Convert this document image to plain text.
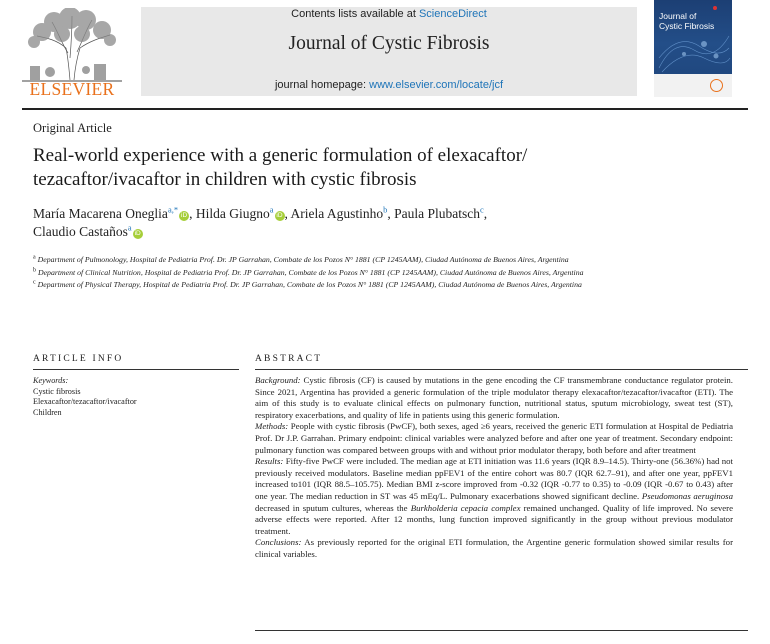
ELSEVIER
Contents lists available at ScienceDirect
Journal of Cystic Fibrosis
journal homepage: www.elsevier.com/locate/jcf
Journal of Cystic Fibrosis
Original Article
Real-world experience with a generic formulation of elexacaftor/ tezacaftor/ivacaftor in children with cystic fibrosis
María Macarena Oneglia$^{a,*}$iD , Hilda Giugno$^a$iD , Ariela Agustinho$^b$, Paula Plubatsch$^c$,
Claudio Castaños$^a$iD
$^a$ Department of Pulmonology, Hospital de Pediatria Prof. Dr. JP Garrahan, Combate de los Pozos N° 1881 (CP 1245AAM), Ciudad Autónoma de Buenos Aires, Argentina
$^b$ Department of Clinical Nutrition, Hospital de Pediatria Prof. Dr. JP Garrahan, Combate de los Pozos N° 1881 (CP 1245AAM), Ciudad Autónoma de Buenos Aires, Argentina
$^c$ Department of Physical Therapy, Hospital de Pediatria Prof. Dr. JP Garrahan, Combate de los Pozos N° 1881 (CP 1245AAM), Ciudad Autónoma de Buenos Aires, Argentina
ARTICLE INFO
Keywords:
Cystic fibrosis
Elexacaftor/tezacaftor/ivacaftor
Children
ABSTRACT

Background: Cystic fibrosis (CF) is caused by mutations in the gene encoding the CF transmembrane conductance regulator protein. Since 2021, Argentina has provided a generic formulation of the triple modulator therapy elexacaftor/tezacaftor/ivacaftor (ETI). The aim of this study is to evaluate clinical effects on pulmonary function, nutritional status, sputum microbiology, sweat test (ST), respiratory exacerbations, and quality of life in patients using this generic formulation.

Methods: People with cystic fibrosis (PwCF), both sexes, aged ≥6 years, received the generic ETI formulation at Hospital de Pediatria Prof. Dr J.P. Garrahan. Primary endpoint: clinical variables were analyzed before and after one year of treatment. Secondary endpoint: pulmonary function was compared between groups with and without prior modulator therapy, both before and after treatment

Results: Fifty-five PwCF were included. The median age at ETI initiation was 11.6 years (IQR 8.9–14.5). Thirty-one (56.36%) had not previously received modulators. Baseline median ppFEV1 of the entire cohort was 80.7 (IQR 62.7–91), and after one year, ppFEV1 increased to101 (IQR 88.5–105.75). Median BMI z-score improved from -0.32 (IQR -0.77 to 0.35) to -0.09 (IQR -0.67 to 0.43) after one year. The median reduction in ST was 45 mEq/L. Pulmonary exacerbations showed significant decline. Pseudomonas aeruginosa decreased in sputum cultures, whereas the Burkholderia cepacia complex remained unchanged. Quality of life improved. No severe adverse effects were reported. After 12 months, lung function improved significantly in the group without previous modulator treatment.

Conclusions: As previously reported for the original ETI formulation, the Argentine generic formulation showed similar results for clinical variables.
